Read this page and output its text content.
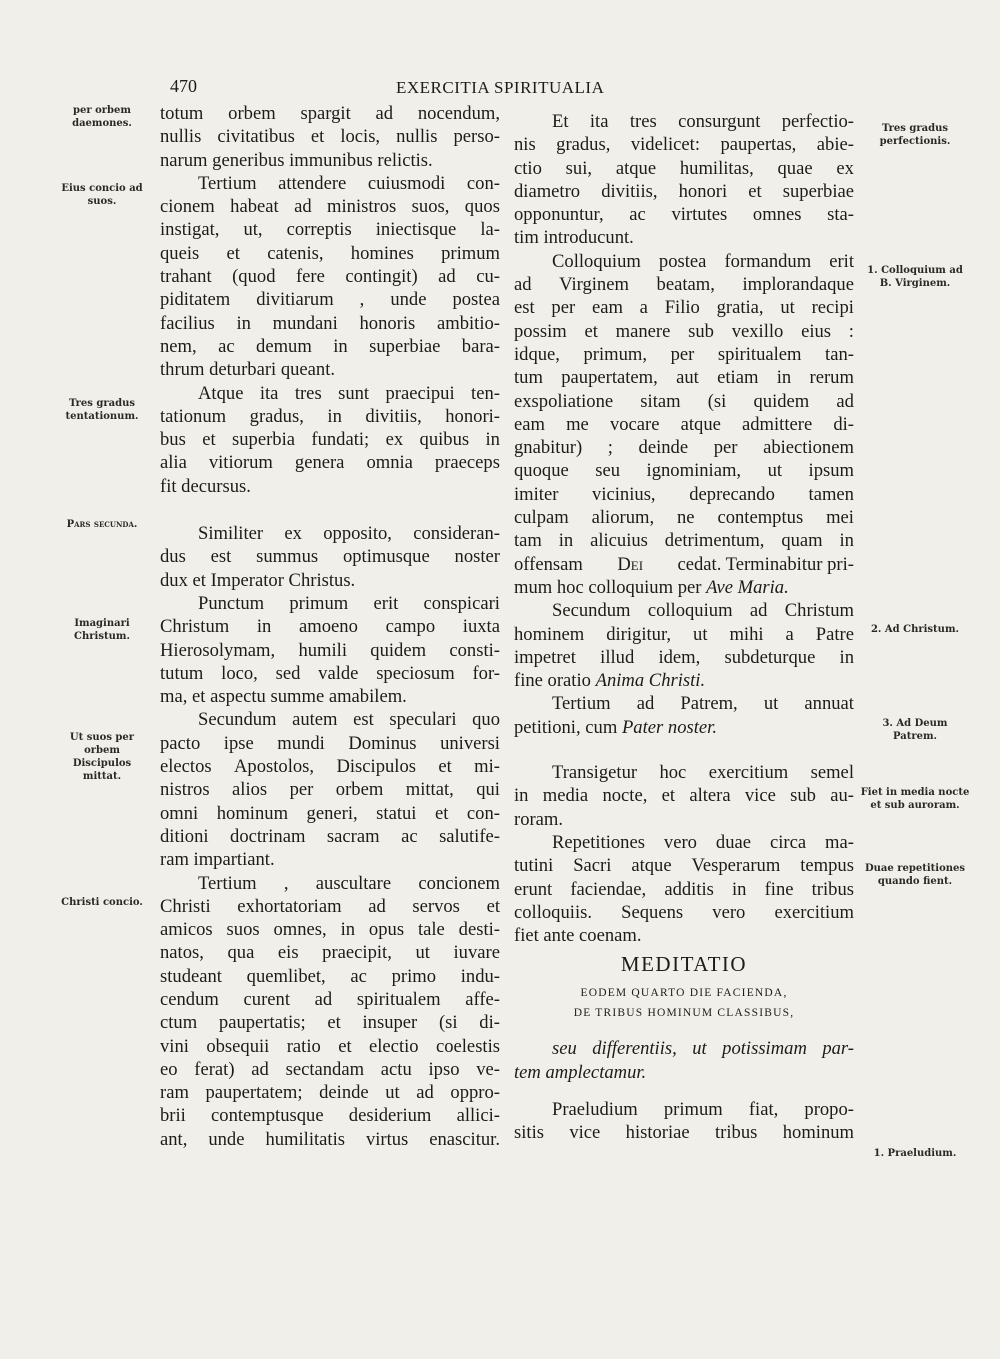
470	EXERCITIA SPIRITUALIA
per orbem daemones.
Eius concio ad suos.
Tres gradus tentationum.
Pars secunda.
Imaginari Christum.
Ut suos per orbem Discipulos mittat.
Christi concio.
Tres gradus perfectionis.
1. Colloquium ad B. Virginem.
2. Ad Christum.
3. Ad Deum Patrem.
Fiet in media nocte et sub auroram.
Duae repetitiones quando fient.
1. Praeludium.
totum orbem spargit ad nocendum,
nullis civitatibus et locis, nullis perso-
narum generibus immunibus relictis.
Tertium attendere cuiusmodi con-
cionem habeat ad ministros suos, quos
instigat, ut, correptis iniectisque la-
queis et catenis, homines primum
trahant (quod fere contingit) ad cu-
piditatem divitiarum , unde postea
facilius in mundani honoris ambitio-
nem, ac demum in superbiae bara-
thrum deturbari queant.
Atque ita tres sunt praecipui ten-
tationum gradus, in divitiis, honori-
bus et superbia fundati; ex quibus in
alia vitiorum genera omnia praeceps
fit decursus.
Similiter ex opposito, consideran-
dus est summus optimusque noster
dux et Imperator Christus.
Punctum primum erit conspicari
Christum in amoeno campo iuxta
Hierosolymam, humili quidem consti-
tutum loco, sed valde speciosum for-
ma, et aspectu summe amabilem.
Secundum autem est speculari quo
pacto ipse mundi Dominus universi
electos Apostolos, Discipulos et mi-
nistros alios per orbem mittat, qui
omni hominum generi, statui et con-
ditioni doctrinam sacram ac salutife-
ram impartiant.
Tertium , auscultare concionem
Christi exhortatoriam ad servos et
amicos suos omnes, in opus tale desti-
natos, qua eis praecipit, ut iuvare
studeant quemlibet, ac primo indu-
cendum curent ad spiritualem affe-
ctum paupertatis; et insuper (si di-
vini obsequii ratio et electio coelestis
eo ferat) ad sectandam actu ipso ve-
ram paupertatem; deinde ut ad oppro-
brii contemptusque desiderium allici-
ant, unde humilitatis virtus enascitur.
Et ita tres consurgunt perfectio-
nis gradus, videlicet: paupertas, abie-
ctio sui, atque humilitas, quae ex
diametro divitiis, honori et superbiae
opponuntur, ac virtutes omnes sta-
tim introducunt.
Colloquium postea formandum erit
ad Virginem beatam, implorandaque
est per eam a Filio gratia, ut recipi
possim et manere sub vexillo eius :
idque, primum, per spiritualem tan-
tum paupertatem, aut etiam in rerum
exspoliatione sitam (si quidem ad
eam me vocare atque admittere di-
gnabitur) ; deinde per abiectionem
quoque seu ignominiam, ut ipsum
imiter vicinius, deprecando tamen
culpam aliorum, ne contemptus mei
tam in alicuius detrimentum, quam in
offensam Dei cedat. Terminabitur pri-
mum hoc colloquium per
Ave Maria.
Secundum colloquium ad Christum
hominem dirigitur, ut mihi a Patre
impetret illud idem, subdeturque in
fine oratio
Anima Christi.
Tertium ad Patrem, ut annuat
petitioni, cum
Pater noster.
Transigetur hoc exercitium semel
in media nocte, et altera vice sub au-
roram.
Repetitiones vero duae circa ma-
tutini Sacri atque Vesperarum tempus
erunt faciendae, additis in fine tribus
colloquiis. Sequens vero exercitium
fiet ante coenam.
MEDITATIO
EODEM QUARTO DIE FACIENDA,
DE TRIBUS HOMINUM CLASSIBUS,
seu differentiis, ut potissimam par-
tem amplectamur.
Praeludium primum fiat, propo-
sitis vice historiae tribus hominum
